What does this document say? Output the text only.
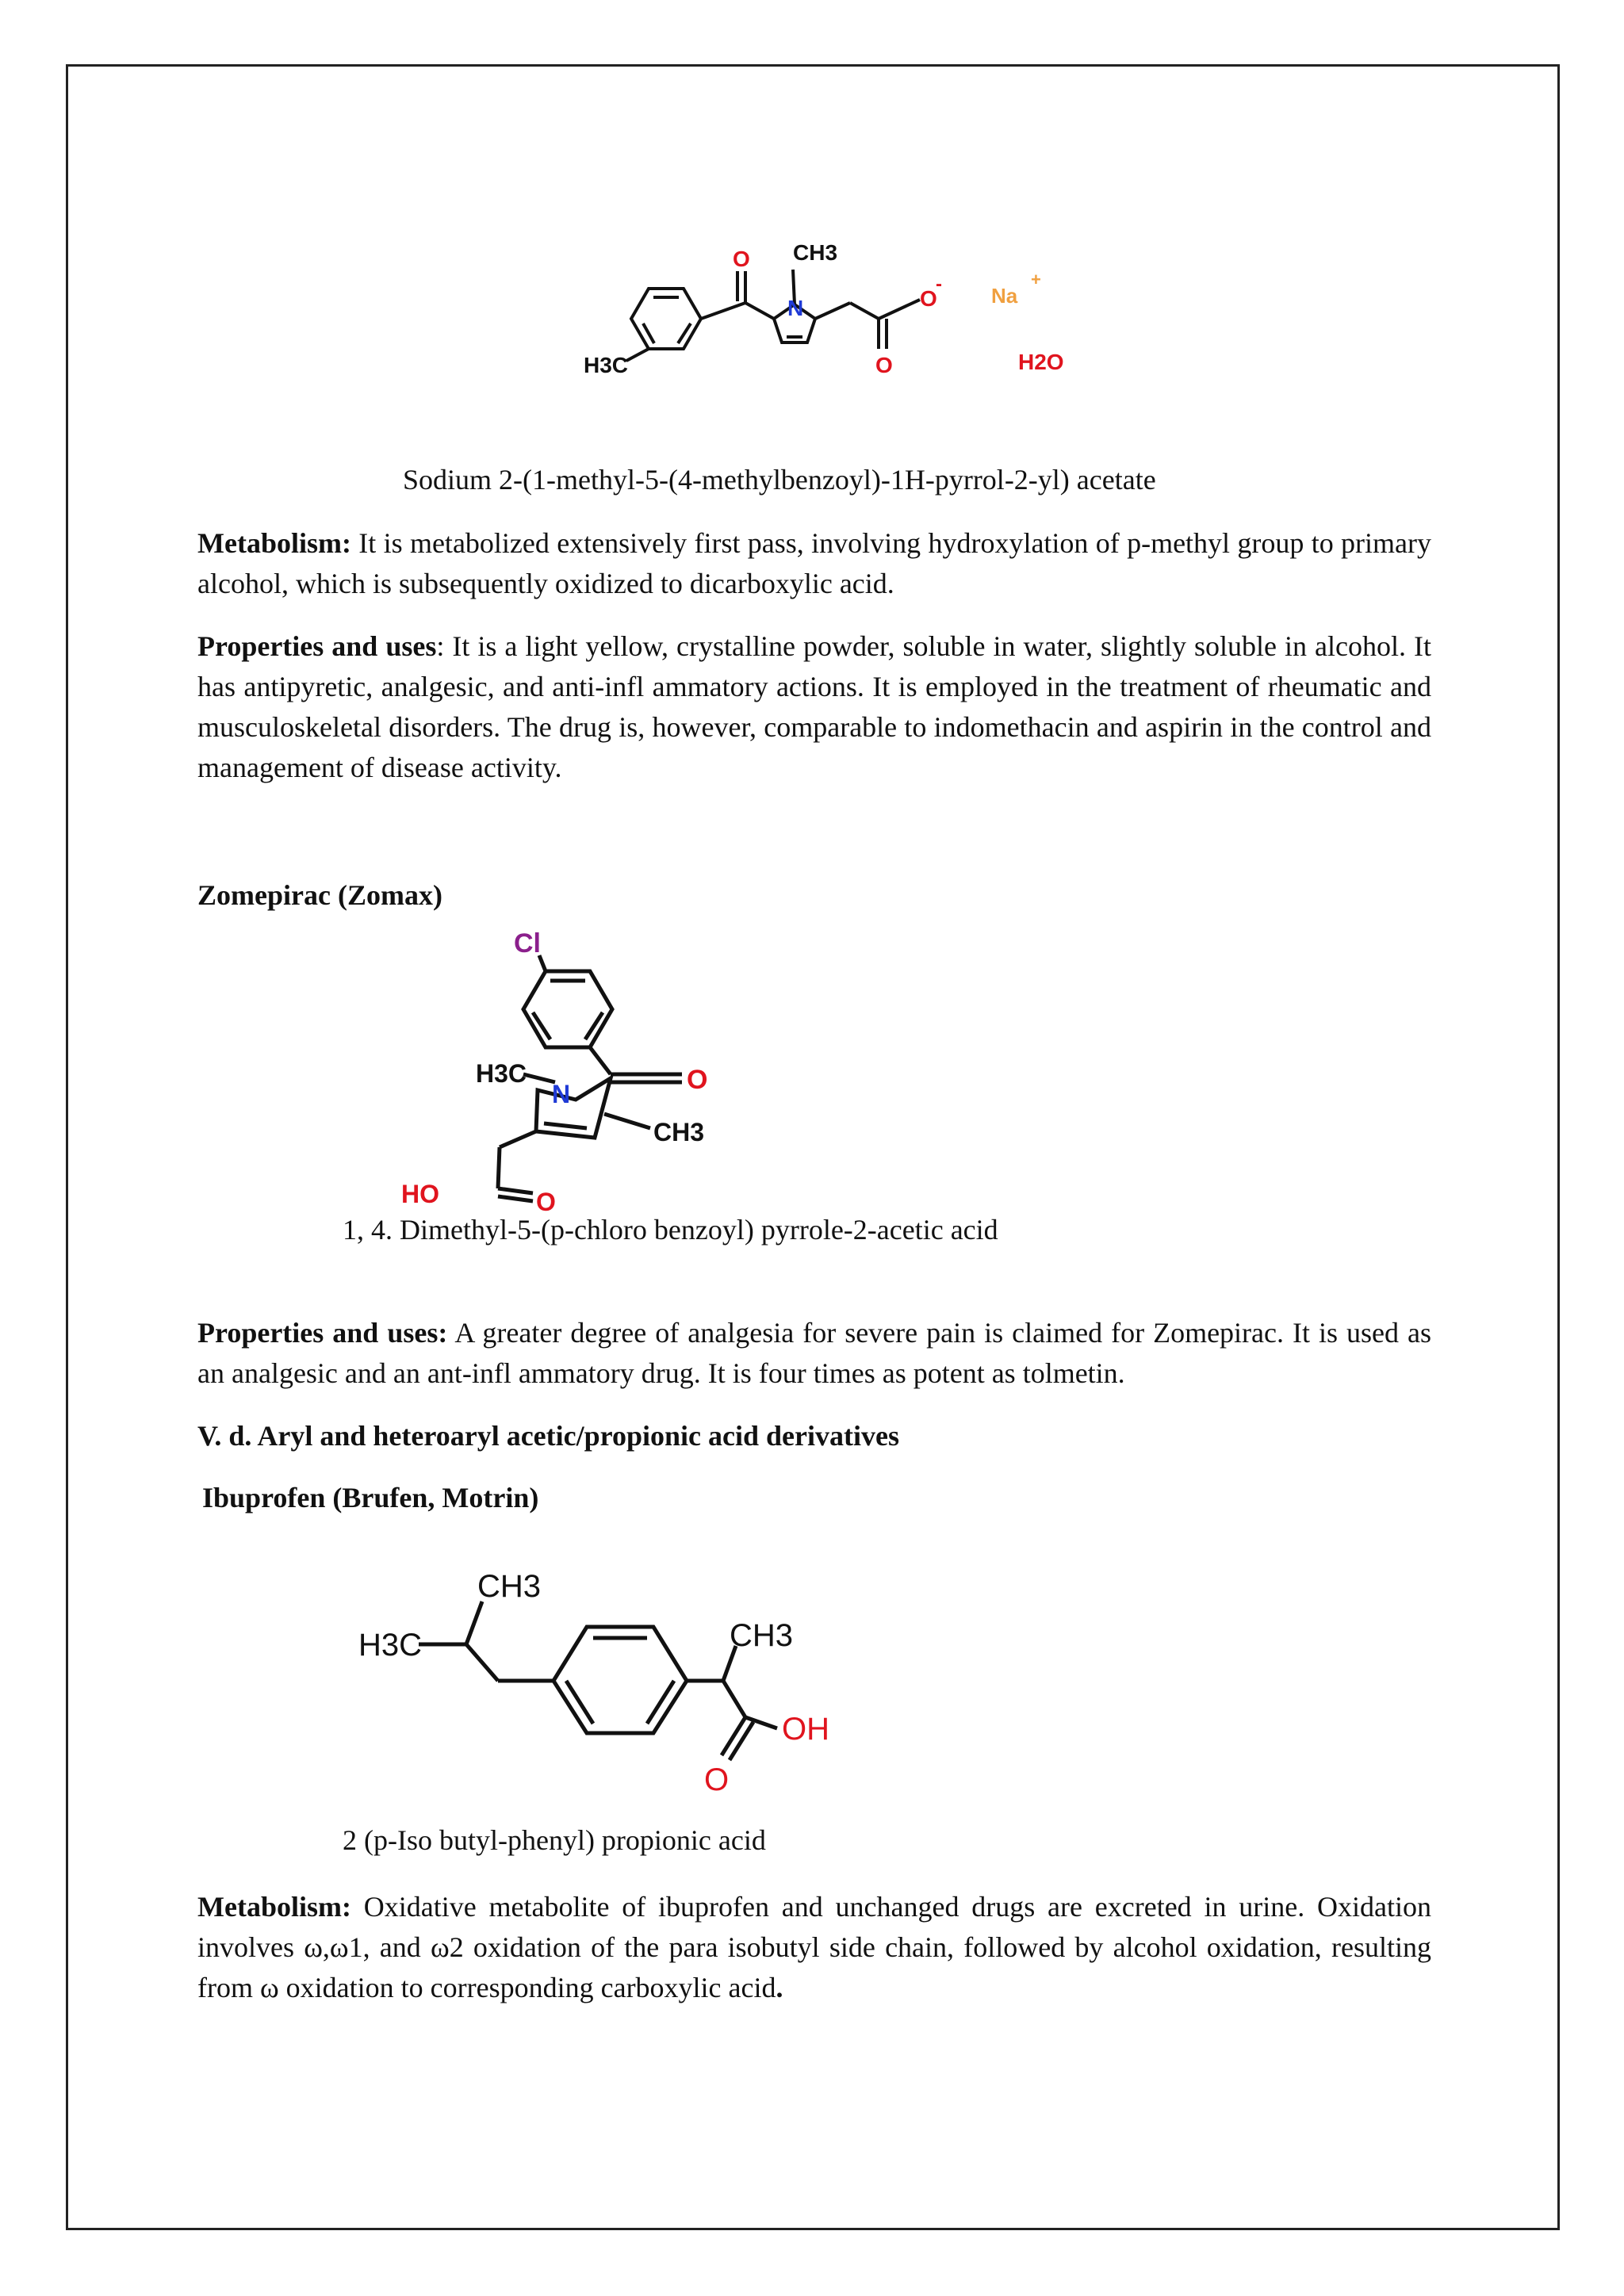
CH3
N
O
O
-
O
Na
+
H3C	H2O
Sodium 2-(1-methyl-5-(4-methylbenzoyl)-1H-pyrrol-2-yl) acetate
Metabolism: It is metabolized extensively first pass, involving hydroxylation of p-methyl group to primary alcohol, which is subsequently oxidized to dicarboxylic acid.
Properties and uses: It is a light yellow, crystalline powder, soluble in water, slightly soluble in alcohol. It has antipyretic, analgesic, and anti-infl ammatory actions. It is employed in the treatment of rheumatic and musculoskeletal disorders. The drug is, however, comparable to indomethacin and aspirin in the control and management of disease activity.
Zomepirac (Zomax)
Cl
O
H3C
N
CH3
HO	O
1, 4. Dimethyl-5-(p-chloro benzoyl) pyrrole-2-acetic acid
Properties and uses: A greater degree of analgesia for severe pain is claimed for Zomepirac. It is used as an analgesic and an ant-infl ammatory drug. It is four times as potent as tolmetin.
V. d. Aryl and heteroaryl acetic/propionic acid derivatives
Ibuprofen (Brufen, Motrin)
CH3
H3C	CH3
OH
O
2 (p-Iso butyl-phenyl) propionic acid
Metabolism: Oxidative metabolite of ibuprofen and unchanged drugs are excreted in urine. Oxidation involves ω,ω1, and ω2 oxidation of the para isobutyl side chain, followed by alcohol oxidation, resulting from ω oxidation to corresponding carboxylic acid.
